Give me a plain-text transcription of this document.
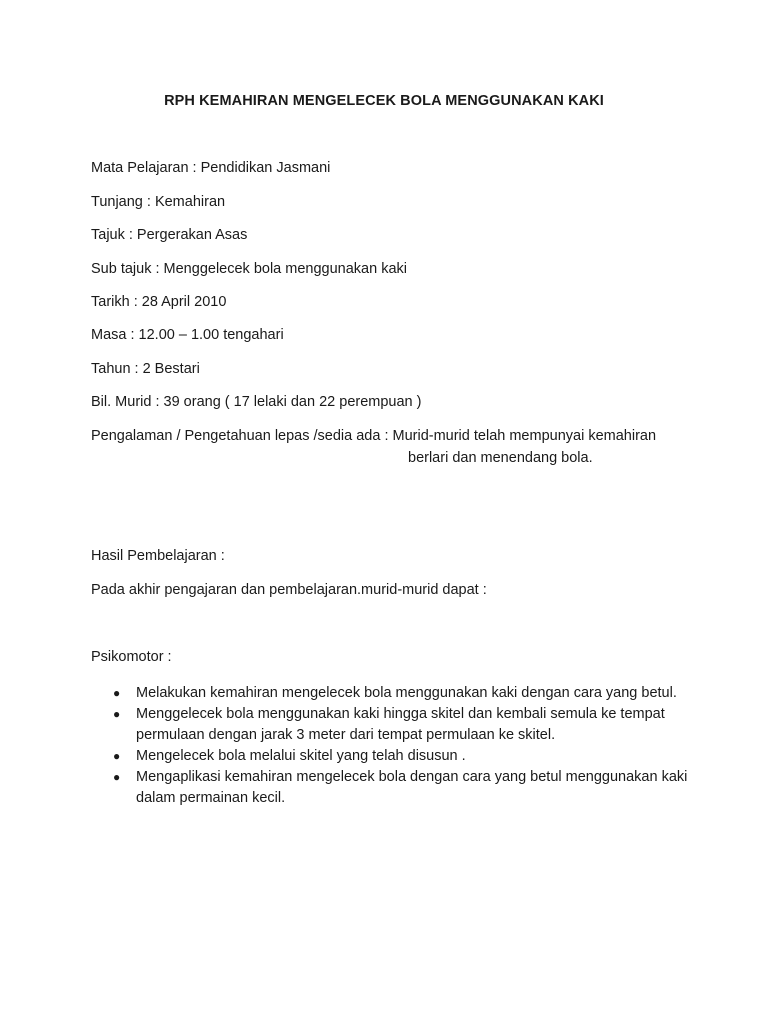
RPH KEMAHIRAN MENGELECEK BOLA MENGGUNAKAN KAKI
Mata Pelajaran : Pendidikan Jasmani
Tunjang : Kemahiran
Tajuk : Pergerakan Asas
Sub tajuk : Menggelecek bola menggunakan kaki
Tarikh : 28 April 2010
Masa : 12.00 – 1.00 tengahari
Tahun : 2 Bestari
Bil. Murid : 39 orang ( 17 lelaki dan 22 perempuan )
Pengalaman / Pengetahuan lepas /sedia ada : Murid-murid telah mempunyai kemahiran
berlari dan menendang bola.
Hasil Pembelajaran :
Pada akhir pengajaran dan pembelajaran.murid-murid dapat :
Psikomotor :
● Melakukan kemahiran mengelecek bola menggunakan kaki dengan cara yang betul.
● Menggelecek bola menggunakan kaki hingga skitel dan kembali semula ke tempat permulaan dengan jarak 3 meter dari tempat permulaan ke skitel.
● Mengelecek bola melalui skitel yang telah disusun .
● Mengaplikasi kemahiran mengelecek bola dengan cara yang betul menggunakan kaki dalam permainan kecil.
